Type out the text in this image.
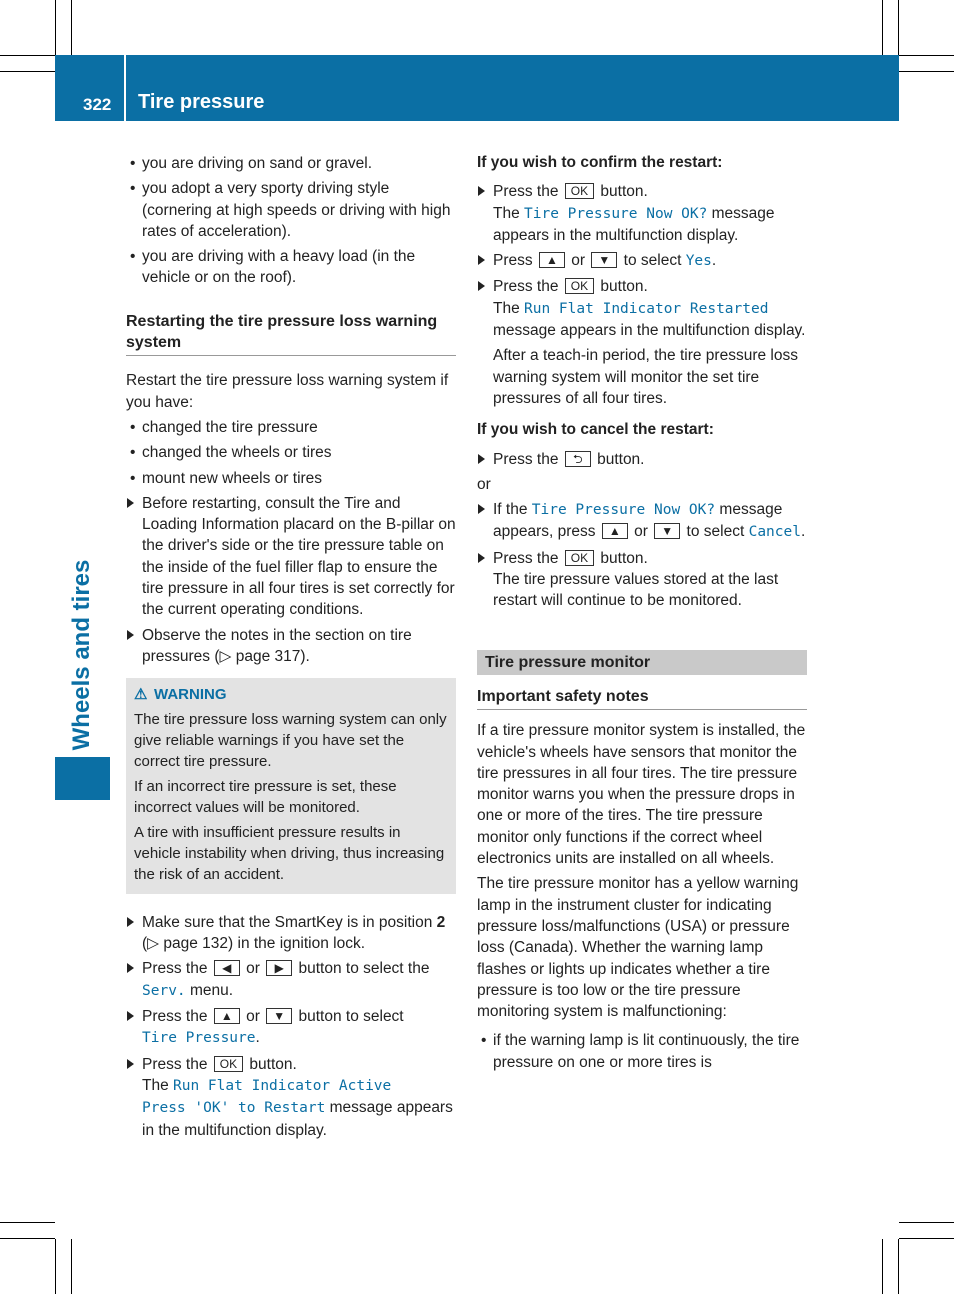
322 Tire pressure
Wheels and tires

• you are driving on sand or gravel.

• you adopt a very sporty driving style (cornering at high speeds or driving with high rates of acceleration).

• you are driving with a heavy load (in the vehicle or on the roof).

Restarting the tire pressure loss warning system

Restart the tire pressure loss warning system if you have:

• changed the tire pressure

• changed the wheels or tires

• mount new wheels or tires

Before restarting, consult the Tire and Loading Information placard on the B-pillar on the driver's side or the tire pressure table on the inside of the fuel filler flap to ensure the tire pressure in all four tires is set correctly for the current operating conditions.
Observe the notes in the section on tire pressures (▷ page 317).
⚠ WARNING

The tire pressure loss warning system can only give reliable warnings if you have set the correct tire pressure.

If an incorrect tire pressure is set, these incorrect values will be monitored.

A tire with insufficient pressure results in vehicle instability when driving, thus increasing the risk of an accident.

Make sure that the SmartKey is in position 2 (▷ page 132) in the ignition lock.
Press the ◀ or ▶ button to select the Serv. menu.
Press the ▲ or ▼ button to select
Tire Pressure.
Press the OK button.
The Run Flat Indicator Active
Press 'OK' to Restart message appears in the multifunction display.
If you wish to confirm the restart:
Press the OK button.
The Tire Pressure Now OK? message appears in the multifunction display.
Press ▲ or ▼ to select Yes.
Press the OK button.
The Run Flat Indicator Restarted message appears in the multifunction display.

After a teach-in period, the tire pressure loss warning system will monitor the set tire pressures of all four tires.

If you wish to cancel the restart:
Press the ⮌ button.

or

If the Tire Pressure Now OK? message appears, press ▲ or ▼ to select Cancel.
Press the OK button.

The tire pressure values stored at the last restart will continue to be monitored.

Tire pressure monitor
Important safety notes

If a tire pressure monitor system is installed, the vehicle's wheels have sensors that monitor the tire pressures in all four tires. The tire pressure monitor warns you when the pressure drops in one or more of the tires. The tire pressure monitor only functions if the correct wheel electronics units are installed on all wheels.

The tire pressure monitor has a yellow warning lamp in the instrument cluster for indicating pressure loss/malfunctions (USA) or pressure loss (Canada). Whether the warning lamp flashes or lights up indicates whether a tire pressure is too low or the tire pressure monitoring system is malfunctioning:

• if the warning lamp is lit continuously, the tire pressure on one or more tires is
